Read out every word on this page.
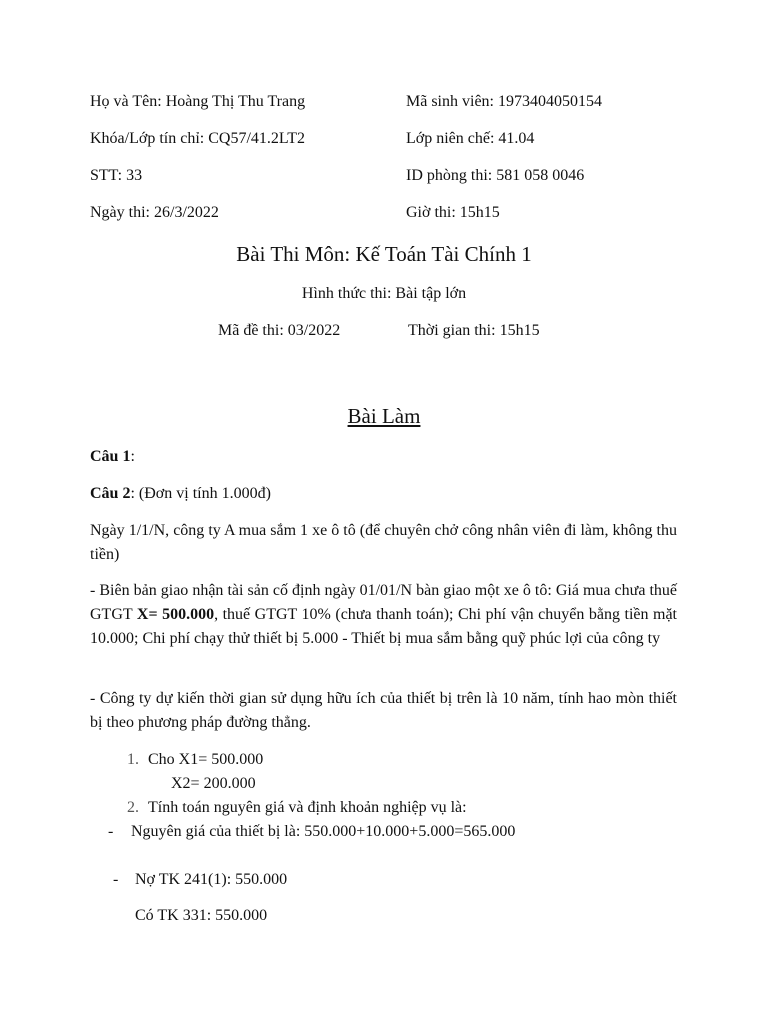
Họ và Tên: Hoàng Thị Thu Trang	Mã sinh viên: 1973404050154
Khóa/Lớp tín chỉ: CQ57/41.2LT2	Lớp niên chế: 41.04
STT: 33	ID phòng thi: 581 058 0046
Ngày thi: 26/3/2022	Giờ thi: 15h15
Bài Thi Môn: Kế Toán Tài Chính 1
Hình thức thi: Bài tập lớn
Mã đề thi: 03/2022	Thời gian thi: 15h15
Bài Làm
Câu 1:
Câu 2: (Đơn vị tính 1.000đ)
Ngày 1/1/N, công ty A mua sắm 1 xe ô tô (để chuyên chở công nhân viên đi làm, không thu tiền)
- Biên bản giao nhận tài sản cố định ngày 01/01/N bàn giao một xe ô tô: Giá mua chưa thuế GTGT X= 500.000, thuế GTGT 10% (chưa thanh toán); Chi phí vận chuyển bằng tiền mặt 10.000; Chi phí chạy thử thiết bị 5.000 - Thiết bị mua sắm bằng quỹ phúc lợi của công ty
- Công ty dự kiến thời gian sử dụng hữu ích của thiết bị trên là 10 năm, tính hao mòn thiết bị theo phương pháp đường thẳng.
1. Cho X1= 500.000
X2= 200.000
2. Tính toán nguyên giá và định khoản nghiệp vụ là:
- Nguyên giá của thiết bị là: 550.000+10.000+5.000=565.000
- Nợ TK 241(1): 550.000
Có TK 331: 550.000
